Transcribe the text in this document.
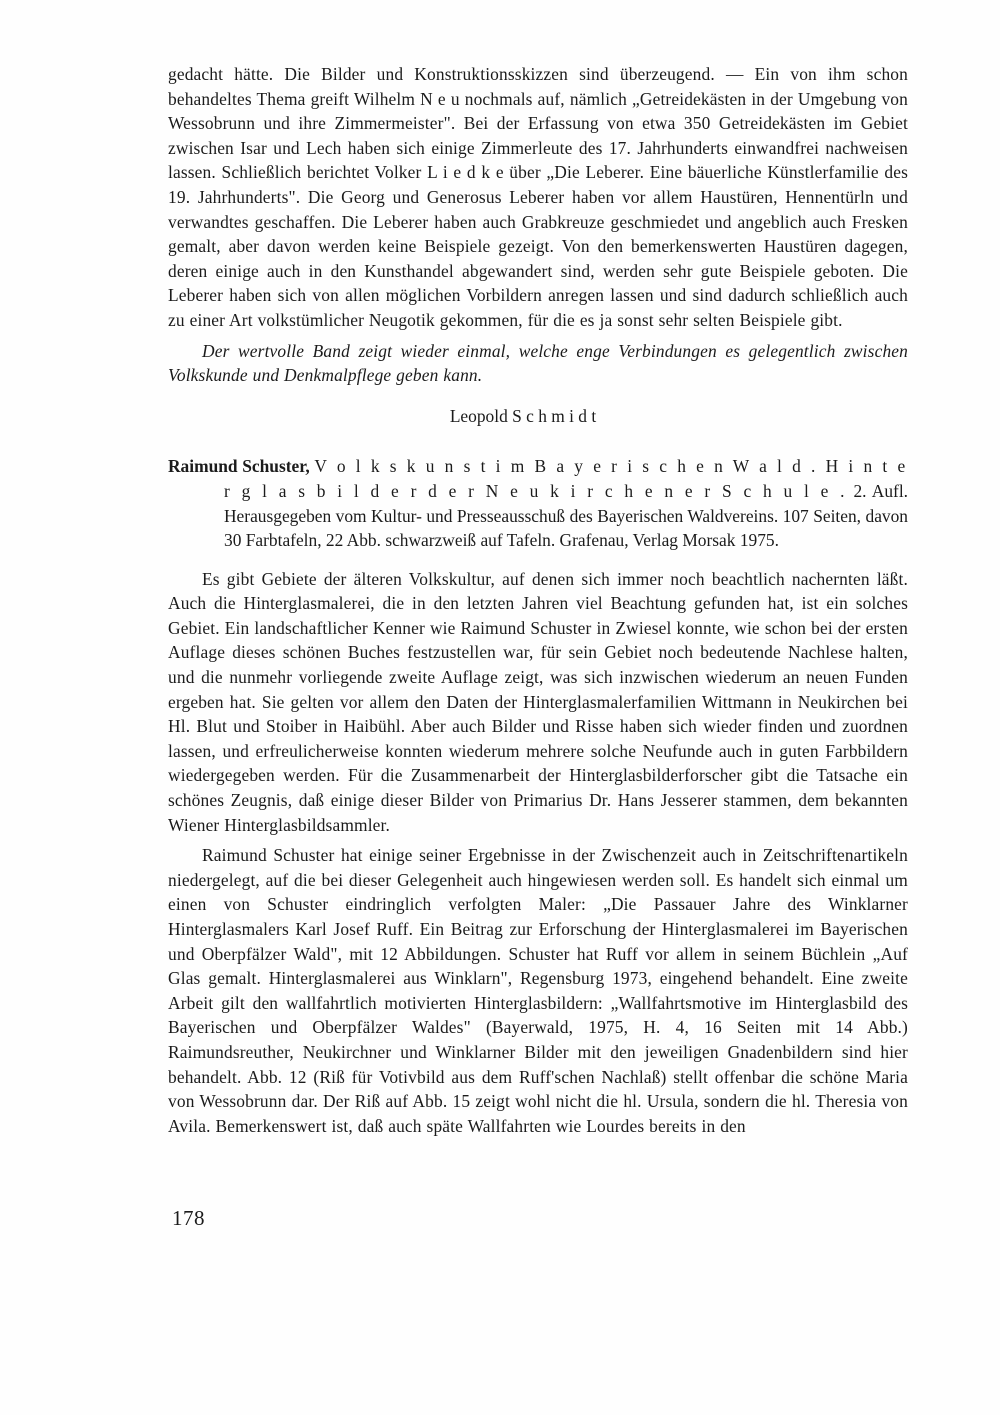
gedacht hätte. Die Bilder und Konstruktionsskizzen sind überzeugend. — Ein von ihm schon behandeltes Thema greift Wilhelm N e u nochmals auf, nämlich „Getreidekästen in der Umgebung von Wessobrunn und ihre Zimmermeister". Bei der Erfassung von etwa 350 Getreidekästen im Gebiet zwischen Isar und Lech haben sich einige Zimmerleute des 17. Jahrhunderts einwandfrei nachweisen lassen. Schließlich berichtet Volker L i e d k e über „Die Leberer. Eine bäuerliche Künstlerfamilie des 19. Jahrhunderts". Die Georg und Generosus Leberer haben vor allem Haustüren, Hennentürln und verwandtes geschaffen. Die Leberer haben auch Grabkreuze geschmiedet und angeblich auch Fresken gemalt, aber davon werden keine Beispiele gezeigt. Von den bemerkenswerten Haustüren dagegen, deren einige auch in den Kunsthandel abgewandert sind, werden sehr gute Beispiele geboten. Die Leberer haben sich von allen möglichen Vorbildern anregen lassen und sind dadurch schließlich auch zu einer Art volkstümlicher Neugotik gekommen, für die es ja sonst sehr selten Beispiele gibt.

Der wertvolle Band zeigt wieder einmal, welche enge Verbindungen es gelegentlich zwischen Volkskunde und Denkmalpflege geben kann.

Leopold S c h m i d t
Raimund Schuster, V o l k s k u n s t i m B a y e r i s c h e n W a l d . H i n t e r g l a s b i l d e r d e r N e u k i r c h e n e r S c h u l e . 2. Aufl. Herausgegeben vom Kultur- und Presseausschuß des Bayerischen Waldvereins. 107 Seiten, davon 30 Farbtafeln, 22 Abb. schwarzweiß auf Tafeln. Grafenau, Verlag Morsak 1975.

Es gibt Gebiete der älteren Volkskultur, auf denen sich immer noch beachtlich nachernten läßt. Auch die Hinterglasmalerei, die in den letzten Jahren viel Beachtung gefunden hat, ist ein solches Gebiet. Ein landschaftlicher Kenner wie Raimund Schuster in Zwiesel konnte, wie schon bei der ersten Auflage dieses schönen Buches festzustellen war, für sein Gebiet noch bedeutende Nachlese halten, und die nunmehr vorliegende zweite Auflage zeigt, was sich inzwischen wiederum an neuen Funden ergeben hat. Sie gelten vor allem den Daten der Hinterglasmalerfamilien Wittmann in Neukirchen bei Hl. Blut und Stoiber in Haibühl. Aber auch Bilder und Risse haben sich wieder finden und zuordnen lassen, und erfreulicherweise konnten wiederum mehrere solche Neufunde auch in guten Farbbildern wiedergegeben werden. Für die Zusammenarbeit der Hinterglasbilderforscher gibt die Tatsache ein schönes Zeugnis, daß einige dieser Bilder von Primarius Dr. Hans Jesserer stammen, dem bekannten Wiener Hinterglasbildsammler.

Raimund Schuster hat einige seiner Ergebnisse in der Zwischenzeit auch in Zeitschriftenartikeln niedergelegt, auf die bei dieser Gelegenheit auch hingewiesen werden soll. Es handelt sich einmal um einen von Schuster eindringlich verfolgten Maler: „Die Passauer Jahre des Winklarner Hinterglasmalers Karl Josef Ruff. Ein Beitrag zur Erforschung der Hinterglasmalerei im Bayerischen und Oberpfälzer Wald", mit 12 Abbildungen. Schuster hat Ruff vor allem in seinem Büchlein „Auf Glas gemalt. Hinterglasmalerei aus Winklarn", Regensburg 1973, eingehend behandelt. Eine zweite Arbeit gilt den wallfahrtlich motivierten Hinterglasbildern: „Wallfahrtsmotive im Hinterglasbild des Bayerischen und Oberpfälzer Waldes" (Bayerwald, 1975, H. 4, 16 Seiten mit 14 Abb.) Raimundsreuther, Neukirchner und Winklarner Bilder mit den jeweiligen Gnadenbildern sind hier behandelt. Abb. 12 (Riß für Votivbild aus dem Ruff'schen Nachlaß) stellt offenbar die schöne Maria von Wessobrunn dar. Der Riß auf Abb. 15 zeigt wohl nicht die hl. Ursula, sondern die hl. Theresia von Avila. Bemerkenswert ist, daß auch späte Wallfahrten wie Lourdes bereits in den

178
